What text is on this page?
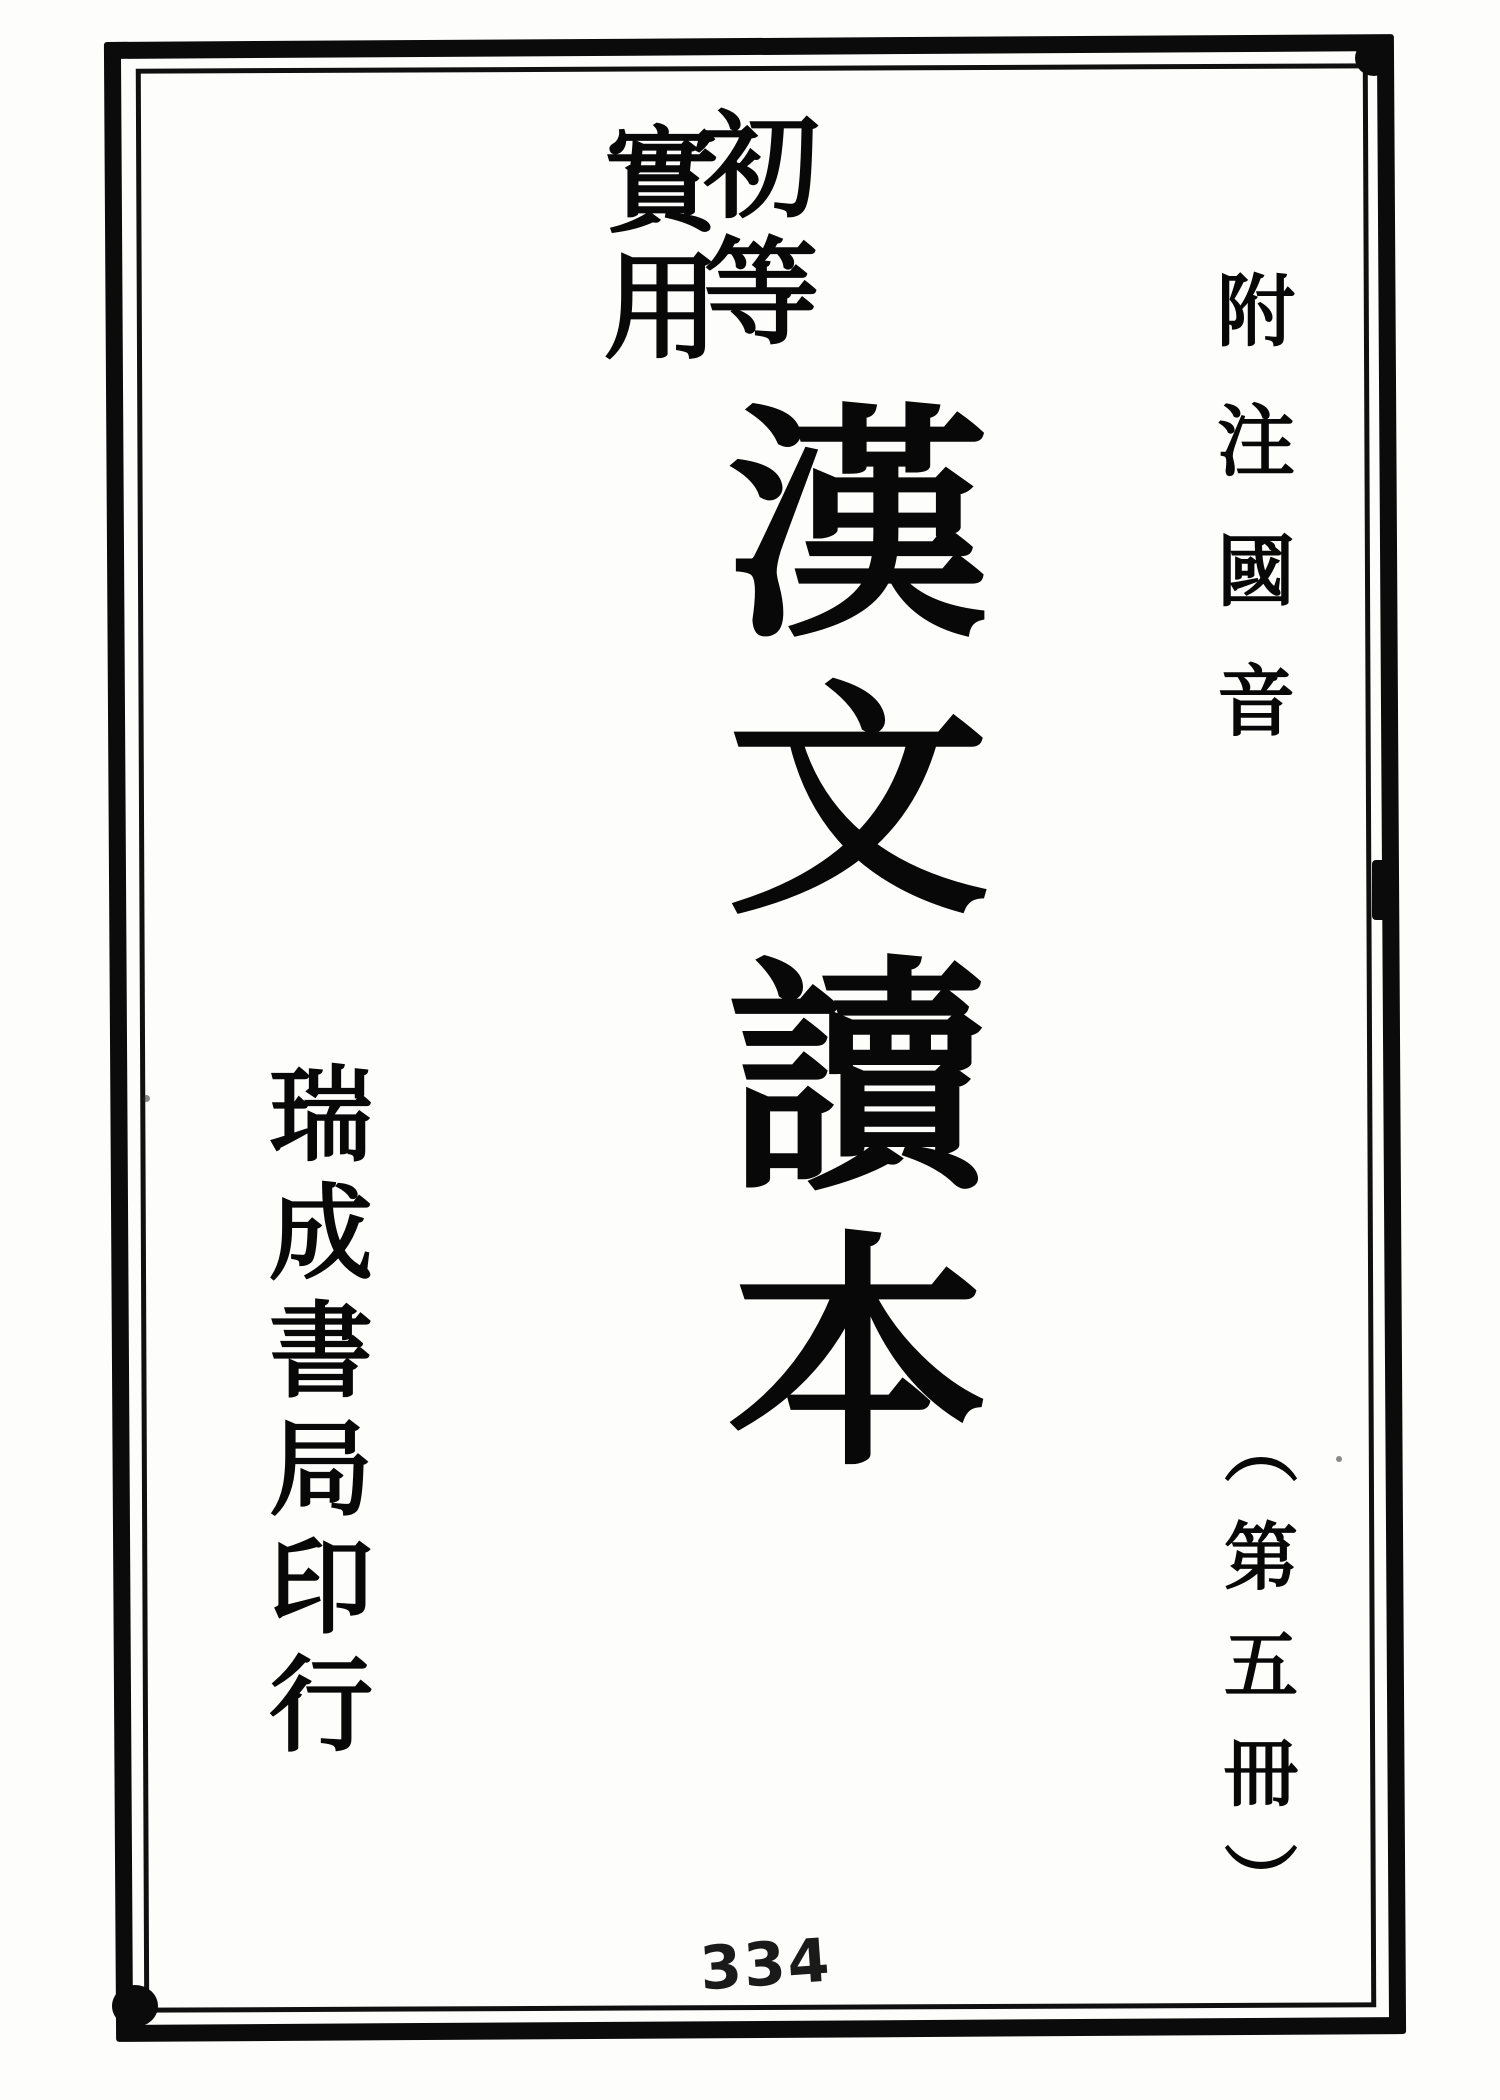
初等
實用
漢文讀本	附注國音
（第五冊）
瑞成書局印行
334
